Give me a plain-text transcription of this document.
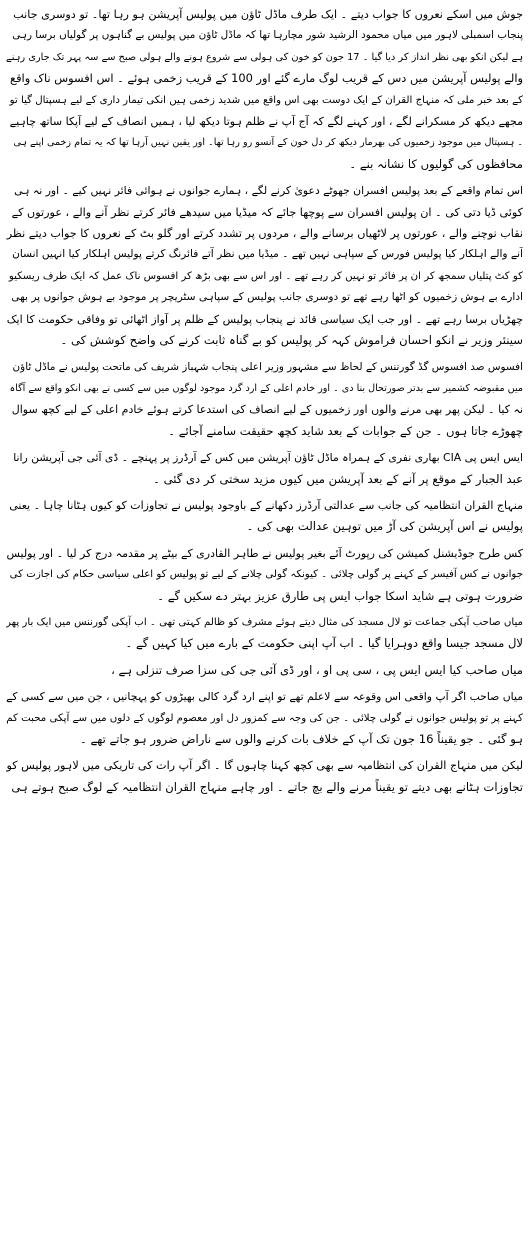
جوش میں اسکے نعروں کا جواب دیتے ۔ ایک طرف ماڈل ٹاؤن میں پولیس آپریشن ہو رہا تھا۔ تو دوسری جانب
پنجاب اسمبلی لاہور میں میاں محمود الرشید شور مچارہا تھا کہ ماڈل ٹاؤن میں پولیس بے گناہوں پر گولیاں برسا رہی
ہے لیکن انکو بھی نظر انداز کر دیا گیا ۔ 17 جون کو خون کی ہولی سے شروع ہونے والے ہولی صبح سے سہ پہر تک جاری رہنے
والے پولیس آپریشن میں دس کے قریب لوگ مارے گئے اور 100 کے قریب زخمی ہوئے ۔ اس افسوس ناک واقع
کے بعد خبر ملی کہ منہاج القران کے ایک دوست بھی اس واقع میں شدید زخمی ہیں انکی تیمار داری کے لیے ہسپتال گیا تو
مجھے دیکھ کر مسکرانے لگے ، اور کہنے لگے کہ آج آپ نے ظلم ہوتا دیکھ لیا ، ہمیں انصاف کے لیے آپکا ساتھ چاہیے
۔ ہسپتال میں موجود زخمیوں کی بھرمار دیکھ کر دل خون کے آنسو رو رہا تھا۔ اور یقین نہیں آرہا تھا کہ یہ تمام زخمی اپنے ہی
محافظوں کی گولیوں کا نشانہ بنے ۔
اس تمام واقعے کے بعد پولیس افسران جھوٹے دعویٰ کرنے لگے ، ہمارے جوانوں نے ہوائی فائر نہیں کیے ۔ اور نہ ہی
کوئی ڈیا دتی کی ۔ ان پولیس افسران سے پوچھا جائے کہ میڈیا میں سیدھے فائر کرتے نظر آنے والے ، عورتوں کے
نقاب نوچنے والے ، عورتوں پر لاٹھیاں برسانے والے ، مردوں پر تشدد کرتے اور گلو بٹ کے نعروں کا جواب دیتے نظر
آنے والے اہلکار کیا پولیس فورس کے سپاہی نہیں تھے ۔ میڈیا میں نظر آتے فائرنگ کرتے پولیس اہلکار کیا انہیں انسان
کو کٹ پتلیاں سمجھ کر ان پر فائر تو نہیں کر رہے تھے ۔ اور اس سے بھی بڑھ کر افسوس ناک عمل کہ ایک طرف ریسکیو
ادارے بے ہوش زخمیوں کو اٹھا رہے تھے تو دوسری جانب پولیس کے سپاہی سٹریچر پر موجود بے ہوش جوانوں پر بھی
چھڑیاں برسا رہے تھے ۔ اور جب ایک سیاسی قائد نے پنجاب پولیس کے ظلم پر آواز اٹھائی تو وفاقی حکومت کا ایک
سینئر وزیر نے انکو احسان فراموش کہہ کر پولیس کو بے گناہ ثابت کرنے کی واضح کوشش کی ۔
افسوس صد افسوس گڈ گورننس کے لحاظ سے مشہور وزیر اعلی پنجاب شہباز شریف کی ماتحت پولیس نے ماڈل ٹاؤن
میں مقبوضہ کشمیر سے بدتر صورتحال بنا دی ۔ اور خادم اعلی کے ارد گرد موجود لوگوں میں سے کسی نے بھی انکو واقع سے آگاہ
نہ کیا ۔ لیکن پھر بھی مرنے والوں اور زخمیوں کے لیے انصاف کی استدعا کرتے ہوئے خادم اعلی کے لیے کچھ سوال
چھوڑے جاتا ہوں ۔ جن کے جوابات کے بعد شاید کچھ حقیقت سامنے آجائے ۔
ایس ایس پی CIA بھاری نفری کے ہمراہ ماڈل ٹاؤن آپریشن میں کس کے آرڈرز پر پہنچے ۔ ڈی آئی جی آپریشن رانا
عبد الجبار کے موقع پر آنے کے بعد آپریشن میں کیوں مزید سختی کر دی گئی ۔
منہاج القران انتظامیہ کی جانب سے عدالتی آرڈرز دکھانے کے باوجود پولیس نے تجاوزات کو کیوں ہٹانا چاہا ۔ یعنی
پولیس نے اس آپریشن کی آڑ میں توہین عدالت بھی کی ۔
کس طرح جوڈیشنل کمیشن کی رپورٹ آئے بغیر پولیس نے طاہر القادری کے بیٹے پر مقدمہ درج کر لیا ۔ اور پولیس
جوانوں نے کس آفیسر کے کہنے پر گولی چلائی ۔ کیونکہ گولی چلانے کے لیے تو پولیس کو اعلی سیاسی حکام کی اجازت کی
ضرورت ہوتی ہے شاید اسکا جواب ایس پی طارق عزیز بہتر دے سکیں گے ۔
میاں صاحب آپکی جماعت تو لال مسجد کی مثال دیتے ہوئے مشرف کو ظالم کہتی تھی ۔ اب آپکی گورننس میں ایک بار پھر
لال مسجد جیسا واقع دوہرایا گیا ۔ اب آپ اپنی حکومت کے بارے میں کیا کہیں گے ۔
میاں صاحب کیا ایس ایس پی ، سی پی او ، اور ڈی آئی جی کی سزا صرف تنزلی ہے ،
میاں صاحب اگر آپ واقعی اس وقوعہ سے لاعلم تھے تو اپنے ارد گرد کالی بھیڑوں کو پہچانیں ، جن میں سے کسی کے
کہنے پر تو پولیس جوانوں نے گولی چلائی ۔ جن کی وجہ سے کمزور دل اور معصوم لوگوں کے دلوں میں سے آپکی محبت کم
ہو گئی ۔ جو یقیناً 16 جون تک آپ کے خلاف بات کرنے والوں سے ناراض ضرور ہو جاتے تھے ۔
لیکن میں منہاج القران کی انتظامیہ سے بھی کچھ کہنا چاہوں گا ۔ اگر آپ رات کی تاریکی میں لاہور پولیس کو
تجاوزات ہٹانے بھی دیتے تو یقیناً مرنے والے بچ جاتے ۔ اور چاہے منہاج القران انتظامیہ کے لوگ صبح ہوتے ہی
